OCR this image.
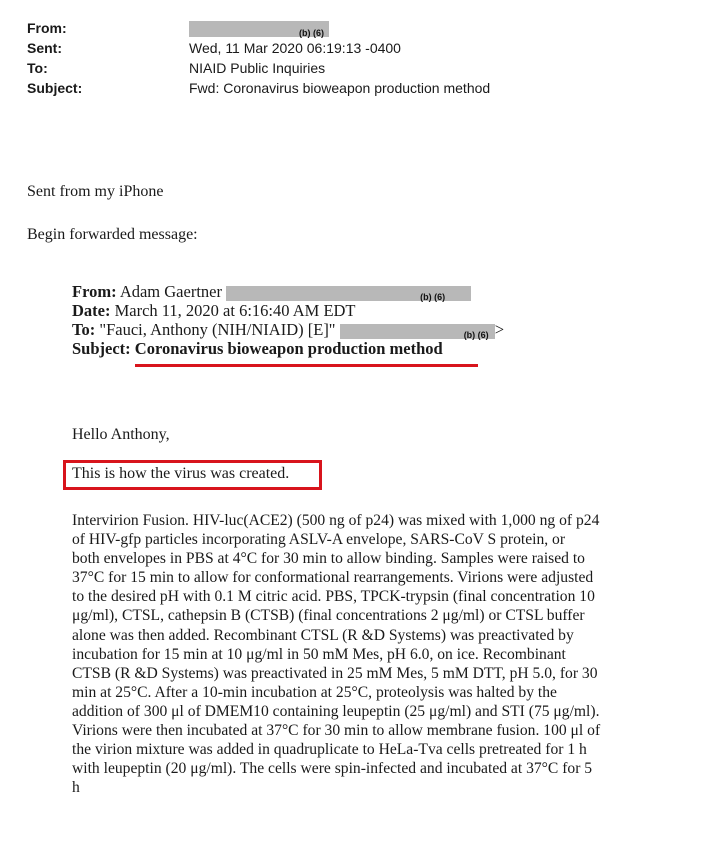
From:	(b) (6)
Sent:	Wed, 11 Mar 2020 06:19:13 -0400
To:	NIAID Public Inquiries
Subject:	Fwd: Coronavirus bioweapon production method
Sent from my iPhone
Begin forwarded message:
From: Adam Gaertner	(b) (6)
Date: March 11, 2020 at 6:16:40 AM EDT
To: "Fauci, Anthony (NIH/NIAID) [E]"	(b) (6) >
Subject: Coronavirus bioweapon production method
Hello Anthony,
This is how the virus was created.
Intervirion Fusion. HIV-luc(ACE2) (500 ng of p24) was mixed with 1,000 ng of p24
of HIV-gfp particles incorporating ASLV-A envelope, SARS-CoV S protein, or
both envelopes in PBS at 4°C for 30 min to allow binding. Samples were raised to
37°C for 15 min to allow for conformational rearrangements. Virions were adjusted
to the desired pH with 0.1 M citric acid. PBS, TPCK-trypsin (final concentration 10
μg/ml), CTSL, cathepsin B (CTSB) (final concentrations 2 μg/ml) or CTSL buffer
alone was then added. Recombinant CTSL (R &D Systems) was preactivated by
incubation for 15 min at 10 μg/ml in 50 mM Mes, pH 6.0, on ice. Recombinant
CTSB (R &D Systems) was preactivated in 25 mM Mes, 5 mM DTT, pH 5.0, for 30
min at 25°C. After a 10-min incubation at 25°C, proteolysis was halted by the
addition of 300 μl of DMEM10 containing leupeptin (25 μg/ml) and STI (75 μg/ml).
Virions were then incubated at 37°C for 30 min to allow membrane fusion. 100 μl of
the virion mixture was added in quadruplicate to HeLa-Tva cells pretreated for 1 h
with leupeptin (20 μg/ml). The cells were spin-infected and incubated at 37°C for 5
h
